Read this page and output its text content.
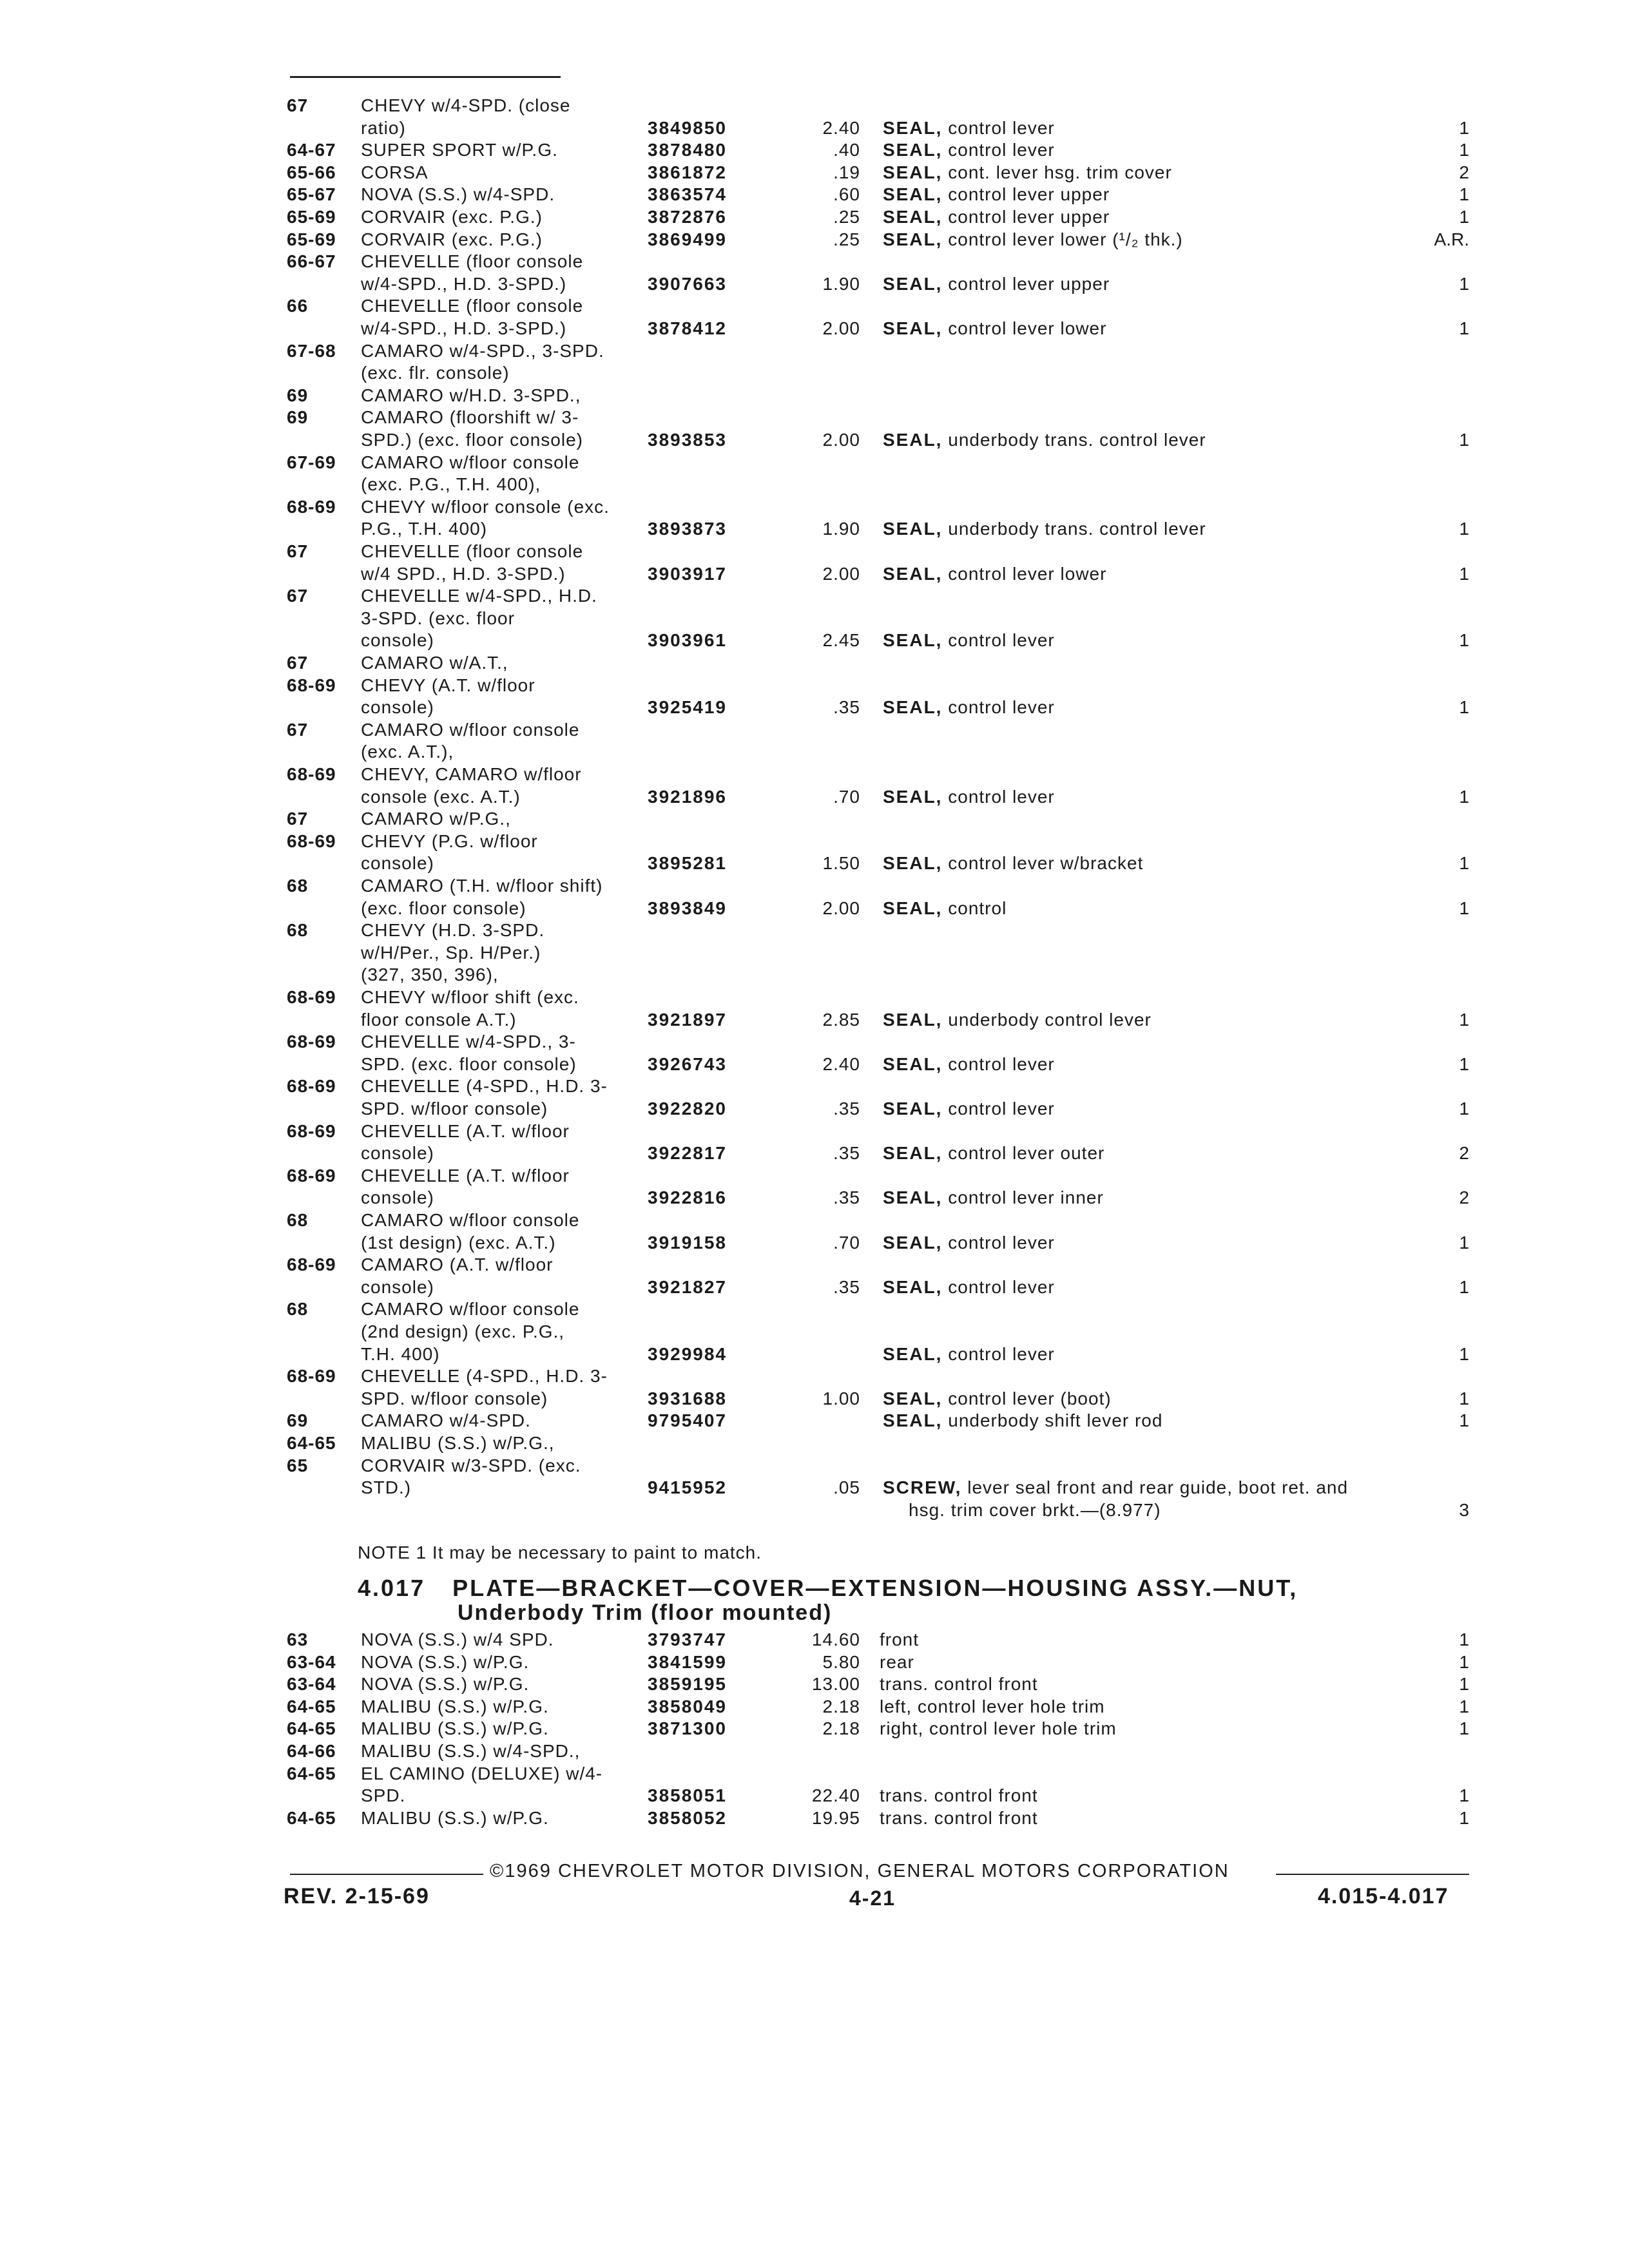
67	CHEVY w/4-SPD. (close
ratio)	3849850	2.40 SEAL, control lever	1
64-67 SUPER SPORT w/P.G.	3878480	.40 SEAL, control lever	1
65-66 CORSA	3861872	.19 SEAL, cont. lever hsg. trim cover	2
65-67 NOVA (S.S.) w/4-SPD.	3863574	.60 SEAL, control lever upper	1
65-69 CORVAIR (exc. P.G.)	3872876	.25 SEAL, control lever upper	1
65-69 CORVAIR (exc. P.G.)	3869499	.25 SEAL, control lever lower (¹/₂ thk.)	A.R.
66-67 CHEVELLE (floor console
w/4-SPD., H.D. 3-SPD.)	3907663	1.90 SEAL, control lever upper	1
66	CHEVELLE (floor console
w/4-SPD., H.D. 3-SPD.)	3878412	2.00 SEAL, control lever lower	1
67-68 CAMARO w/4-SPD., 3-SPD.
(exc. flr. console)
69	CAMARO w/H.D. 3-SPD.,
69	CAMARO (floorshift w/ 3-
SPD.) (exc. floor console)	3893853	2.00 SEAL, underbody trans. control lever	1
67-69 CAMARO w/floor console
(exc. P.G., T.H. 400),
68-69 CHEVY w/floor console (exc.
P.G., T.H. 400)	3893873	1.90 SEAL, underbody trans. control lever	1
67	CHEVELLE (floor console
w/4 SPD., H.D. 3-SPD.)	3903917	2.00 SEAL, control lever lower	1
67	CHEVELLE w/4-SPD., H.D.
3-SPD. (exc. floor
console)	3903961	2.45 SEAL, control lever	1
67	CAMARO w/A.T.,
68-69 CHEVY (A.T. w/floor
console)	3925419	.35 SEAL, control lever	1
67	CAMARO w/floor console
(exc. A.T.),
68-69 CHEVY, CAMARO w/floor
console (exc. A.T.)	3921896	.70 SEAL, control lever	1
67	CAMARO w/P.G.,
68-69 CHEVY (P.G. w/floor
console)	3895281	1.50 SEAL, control lever w/bracket	1
68	CAMARO (T.H. w/floor shift)
(exc. floor console)	3893849	2.00 SEAL, control	1
68	CHEVY (H.D. 3-SPD.
w/H/Per., Sp. H/Per.)
(327, 350, 396),
68-69 CHEVY w/floor shift (exc.
floor console A.T.)	3921897	2.85 SEAL, underbody control lever	1
68-69 CHEVELLE w/4-SPD., 3-
SPD. (exc. floor console)	3926743	2.40 SEAL, control lever	1
68-69 CHEVELLE (4-SPD., H.D. 3-
SPD. w/floor console)	3922820	.35 SEAL, control lever	1
68-69 CHEVELLE (A.T. w/floor
console)	3922817	.35 SEAL, control lever outer	2
68-69 CHEVELLE (A.T. w/floor
console)	3922816	.35 SEAL, control lever inner	2
68	CAMARO w/floor console
(1st design) (exc. A.T.)	3919158	.70 SEAL, control lever	1
68-69 CAMARO (A.T. w/floor
console)	3921827	.35 SEAL, control lever	1
68	CAMARO w/floor console
(2nd design) (exc. P.G.,
T.H. 400)	3929984	SEAL, control lever	1
68-69 CHEVELLE (4-SPD., H.D. 3-
SPD. w/floor console)	3931688	1.00 SEAL, control lever (boot)	1
69	CAMARO w/4-SPD.	9795407	SEAL, underbody shift lever rod	1
64-65 MALIBU (S.S.) w/P.G.,
65	CORVAIR w/3-SPD. (exc.
STD.)	9415952	.05 SCREW, lever seal front and rear guide, boot ret. and
hsg. trim cover brkt.—(8.977)	3
NOTE 1 It may be necessary to paint to match.
4.017 PLATE—BRACKET—COVER—EXTENSION—HOUSING ASSY.—NUT,
Underbody Trim (floor mounted)
63	NOVA (S.S.) w/4 SPD.	3793747	14.60 front	1
63-64 NOVA (S.S.) w/P.G.	3841599	5.80 rear	1
63-64 NOVA (S.S.) w/P.G.	3859195	13.00 trans. control front	1
64-65 MALIBU (S.S.) w/P.G.	3858049	2.18 left, control lever hole trim	1
64-65 MALIBU (S.S.) w/P.G.	3871300	2.18 right, control lever hole trim	1
64-66 MALIBU (S.S.) w/4-SPD.,
64-65 EL CAMINO (DELUXE) w/4-
SPD.	3858051	22.40 trans. control front	1
64-65 MALIBU (S.S.) w/P.G.	3858052	19.95 trans. control front	1
©1969 CHEVROLET MOTOR DIVISION, GENERAL MOTORS CORPORATION
REV. 2-15-69	4-21	4.015-4.017
